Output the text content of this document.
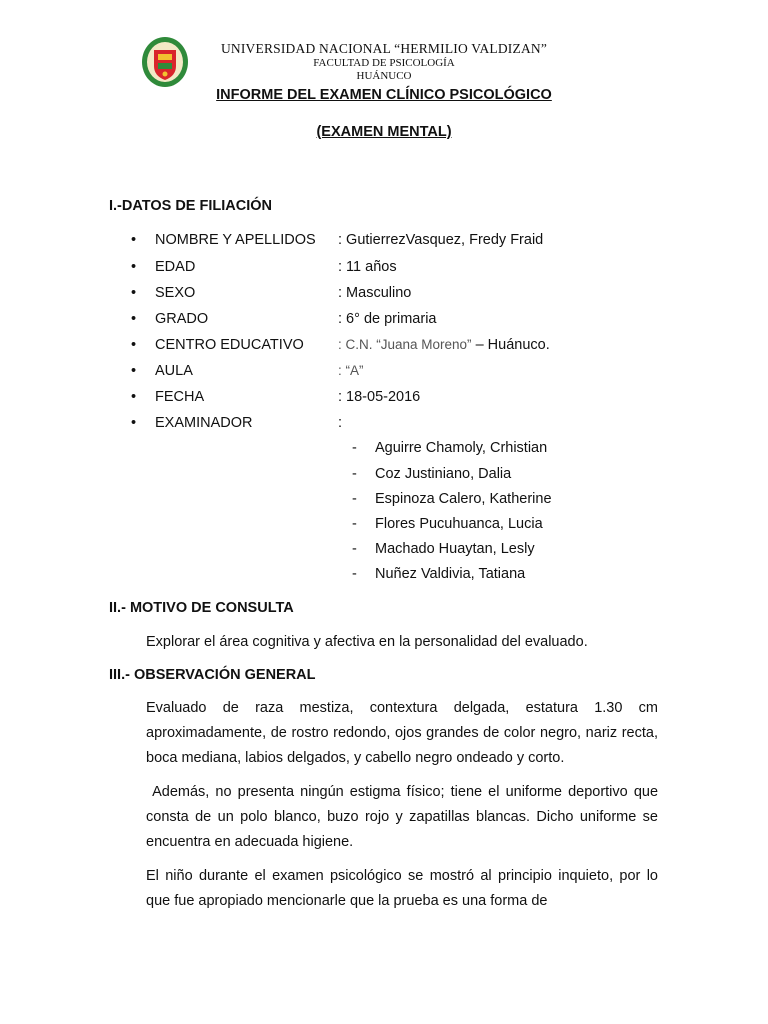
UNIVERSIDAD NACIONAL “HERMILIO VALDIZAN”
FACULTAD DE PSICOLOGÍA
HUÁNUCO
INFORME DEL EXAMEN CLÍNICO PSICOLÓGICO
(EXAMEN MENTAL)
I.-DATOS DE FILIACIÓN
•	NOMBRE Y APELLIDOS : GutierrezVasquez, Fredy Fraid
•	EDAD	: 11 años
•	SEXO	: Masculino
•	GRADO	: 6° de primaria
•	CENTRO EDUCATIVO	: C.N. “Juana Moreno” – Huánuco.
•	AULA	: “A”
•	FECHA	: 18-05-2016
•	EXAMINADOR	:
- Aguirre Chamoly, Crhistian
- Coz Justiniano, Dalia
- Espinoza Calero, Katherine
- Flores Pucuhuanca, Lucia
- Machado Huaytan, Lesly
- Nuñez Valdivia, Tatiana
II.- MOTIVO DE CONSULTA
Explorar el área cognitiva y afectiva en la personalidad del evaluado.
III.- OBSERVACIÓN GENERAL
Evaluado de raza mestiza, contextura delgada, estatura 1.30 cm aproximadamente, de rostro redondo, ojos grandes de color negro, nariz recta, boca mediana, labios delgados, y cabello negro ondeado y corto.
Además, no presenta ningún estigma físico; tiene el uniforme deportivo que consta de un polo blanco, buzo rojo y zapatillas blancas. Dicho uniforme se encuentra en adecuada higiene.
El niño durante el examen psicológico se mostró al principio inquieto, por lo que fue apropiado mencionarle que la prueba es una forma de
